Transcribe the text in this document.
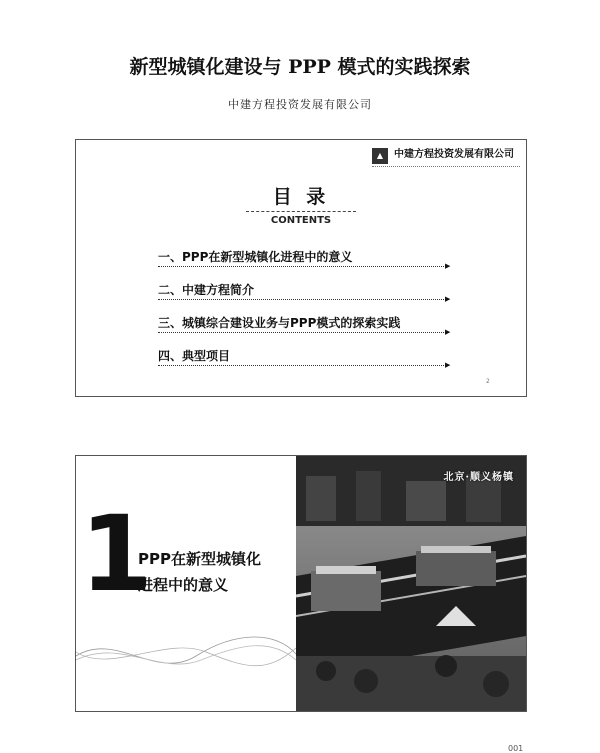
新型城镇化建设与 PPP 模式的实践探索
中建方程投资发展有限公司
▲	中建方程投资发展有限公司
目 录
CONTENTS
一、PPP在新型城镇化进程中的意义
▶
二、中建方程简介
▶
三、城镇综合建设业务与PPP模式的探索实践
▶
四、典型项目
▶
2
1
PPP在新型城镇化
进程中的意义
北京·顺义杨镇
001
